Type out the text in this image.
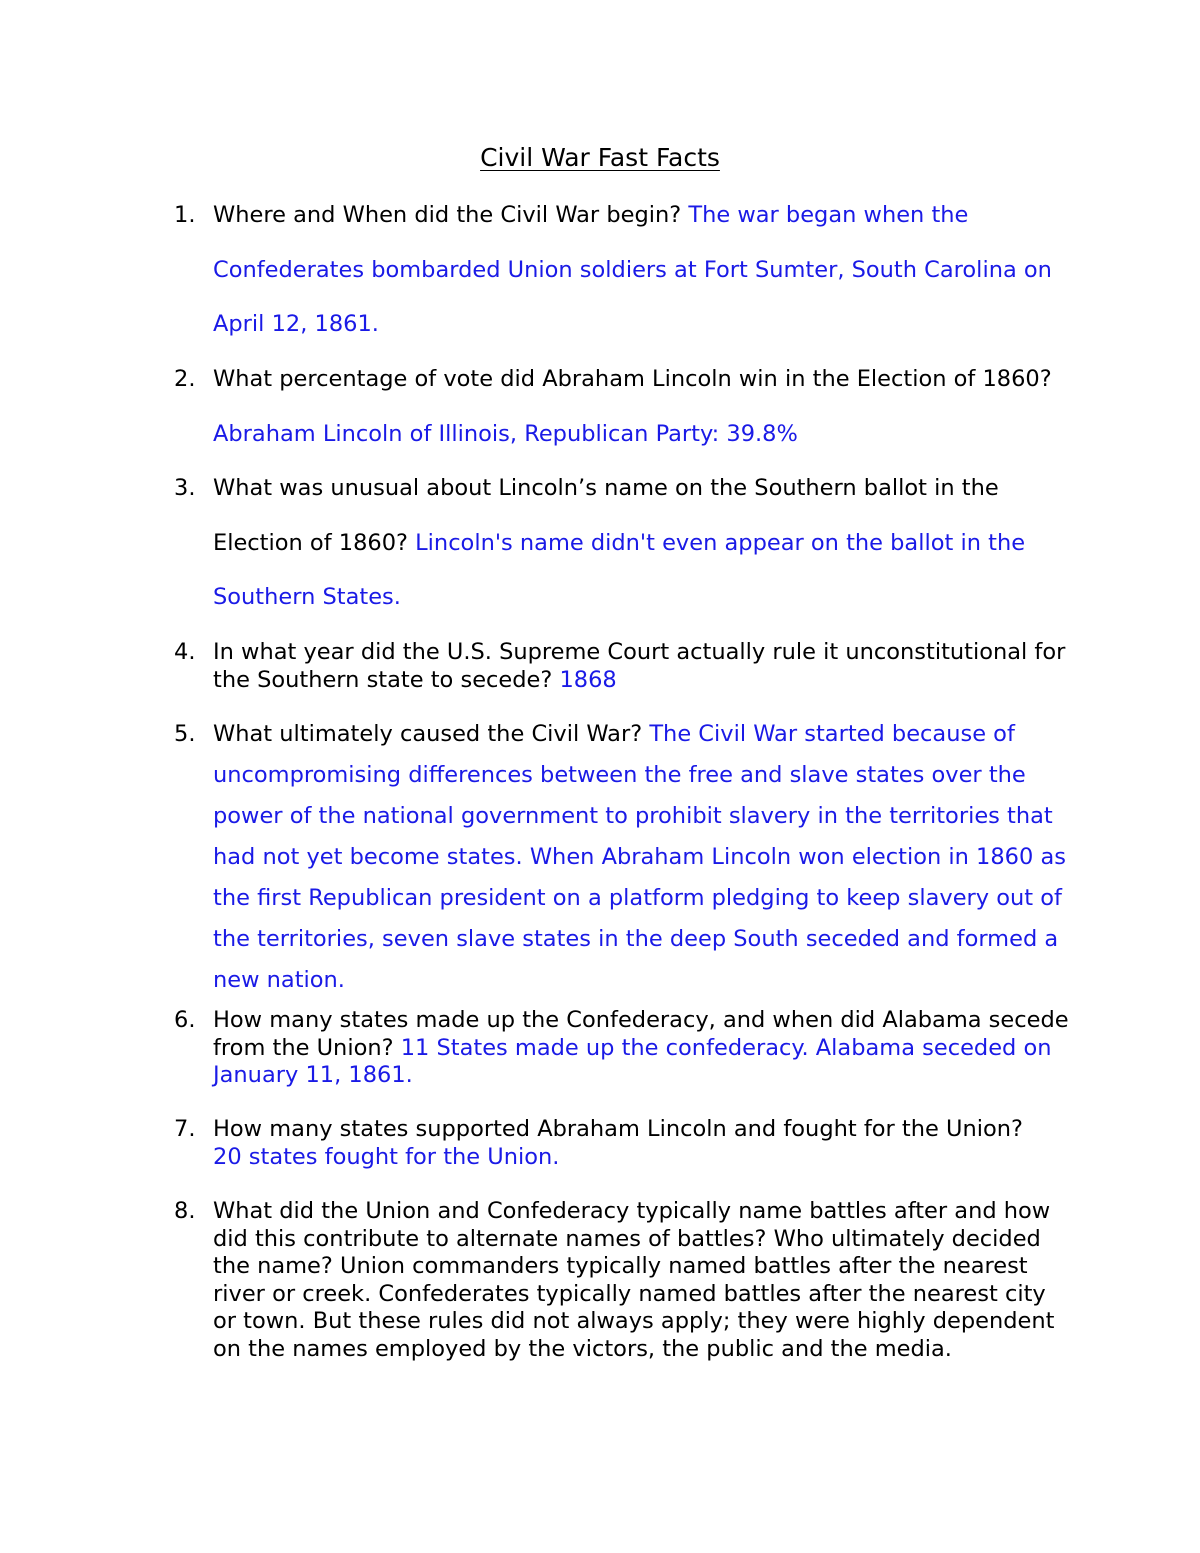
Civil War Fast Facts
1. Where and When did the Civil War begin? The war began when the Confederates bombarded Union soldiers at Fort Sumter, South Carolina on April 12, 1861.
2. What percentage of vote did Abraham Lincoln win in the Election of 1860? Abraham Lincoln of Illinois, Republican Party: 39.8%
3. What was unusual about Lincoln’s name on the Southern ballot in the Election of 1860? Lincoln's name didn't even appear on the ballot in the Southern States.
4. In what year did the U.S. Supreme Court actually rule it unconstitutional for the Southern state to secede? 1868
5. What ultimately caused the Civil War? The Civil War started because of uncompromising differences between the free and slave states over the power of the national government to prohibit slavery in the territories that had not yet become states. When Abraham Lincoln won election in 1860 as the first Republican president on a platform pledging to keep slavery out of the territories, seven slave states in the deep South seceded and formed a new nation.
6. How many states made up the Confederacy, and when did Alabama secede from the Union? 11 States made up the confederacy. Alabama seceded on January 11, 1861.
7. How many states supported Abraham Lincoln and fought for the Union?
20 states fought for the Union.
8. What did the Union and Confederacy typically name battles after and how did this contribute to alternate names of battles? Who ultimately decided the name? Union commanders typically named battles after the nearest river or creek. Confederates typically named battles after the nearest city or town. But these rules did not always apply; they were highly dependent on the names employed by the victors, the public and the media.
